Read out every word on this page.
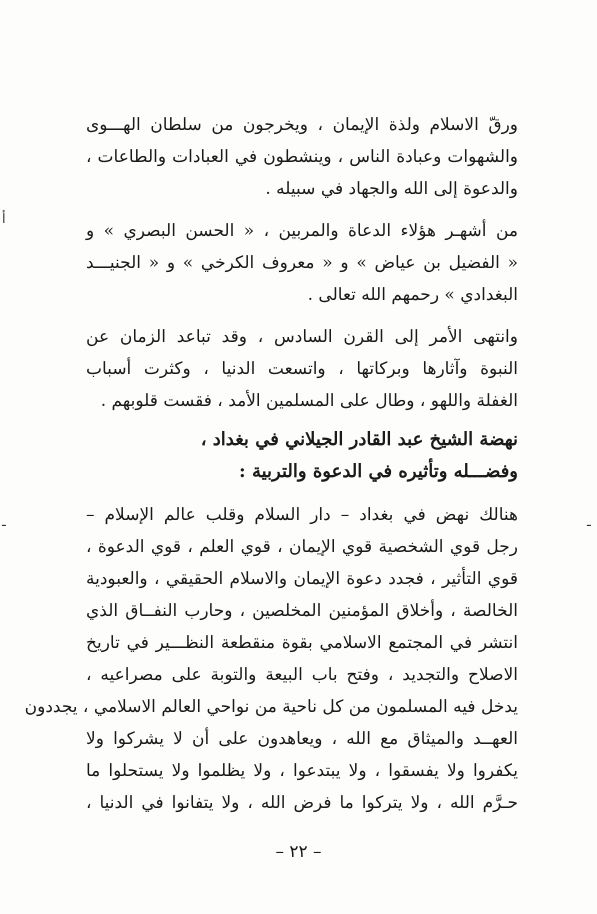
ورقّ الاسلام ولذة الإيمان ، ويخرجون من سلطان الهـــوى
والشهوات وعبادة الناس ، وينشطون في العبادات والطاعات ،
والدعوة إلى الله والجهاد في سبيله .
من أشهـر هؤلاء الدعاة والمربين ، « الحسن البصري » و
« الفضيل بن عياض » و « معروف الكرخي » و « الجنيـــد
البغدادي » رحمهم الله تعالى .
وانتهى الأمر إلى القرن السادس ، وقد تباعد الزمان عن
النبوة وآثارها وبركاتها ، واتسعت الدنيا ، وكثرت أسباب
الغفلة واللهو ، وطال على المسلمين الأمد ، فقست قلوبهم .
نهضة الشيخ عبد القادر الجيلاني في بغداد ،
وفضـــله وتأثيره في الدعوة والتربية :
هنالك نهض في بغداد – دار السلام وقلب عالم الإسلام –
رجل قوي الشخصية قوي الإيمان ، قوي العلم ، قوي الدعوة ،
قوي التأثير ، فجدد دعوة الإيمان والاسلام الحقيقي ، والعبودية
الخالصة ، وأخلاق المؤمنين المخلصين ، وحارب النفــاق الذي
انتشر في المجتمع الاسلامي بقوة منقطعة النظـــير في تاريخ
الاصلاح والتجديد ، وفتح باب البيعة والتوبة على مصراعيه ،
يدخل فيه المسلمون من كل ناحية من نواحي العالم الاسلامي ، يجددون
العهــد والميثاق مع الله ، ويعاهدون على أن لا يشركوا ولا
يكفروا ولا يفسقوا ، ولا يبتدعوا ، ولا يظلموا ولا يستحلوا ما
حـرَّم الله ، ولا يتركوا ما فرض الله ، ولا يتفانوا في الدنيا ،
– ٢٢ –
أ
ـ	ـ
